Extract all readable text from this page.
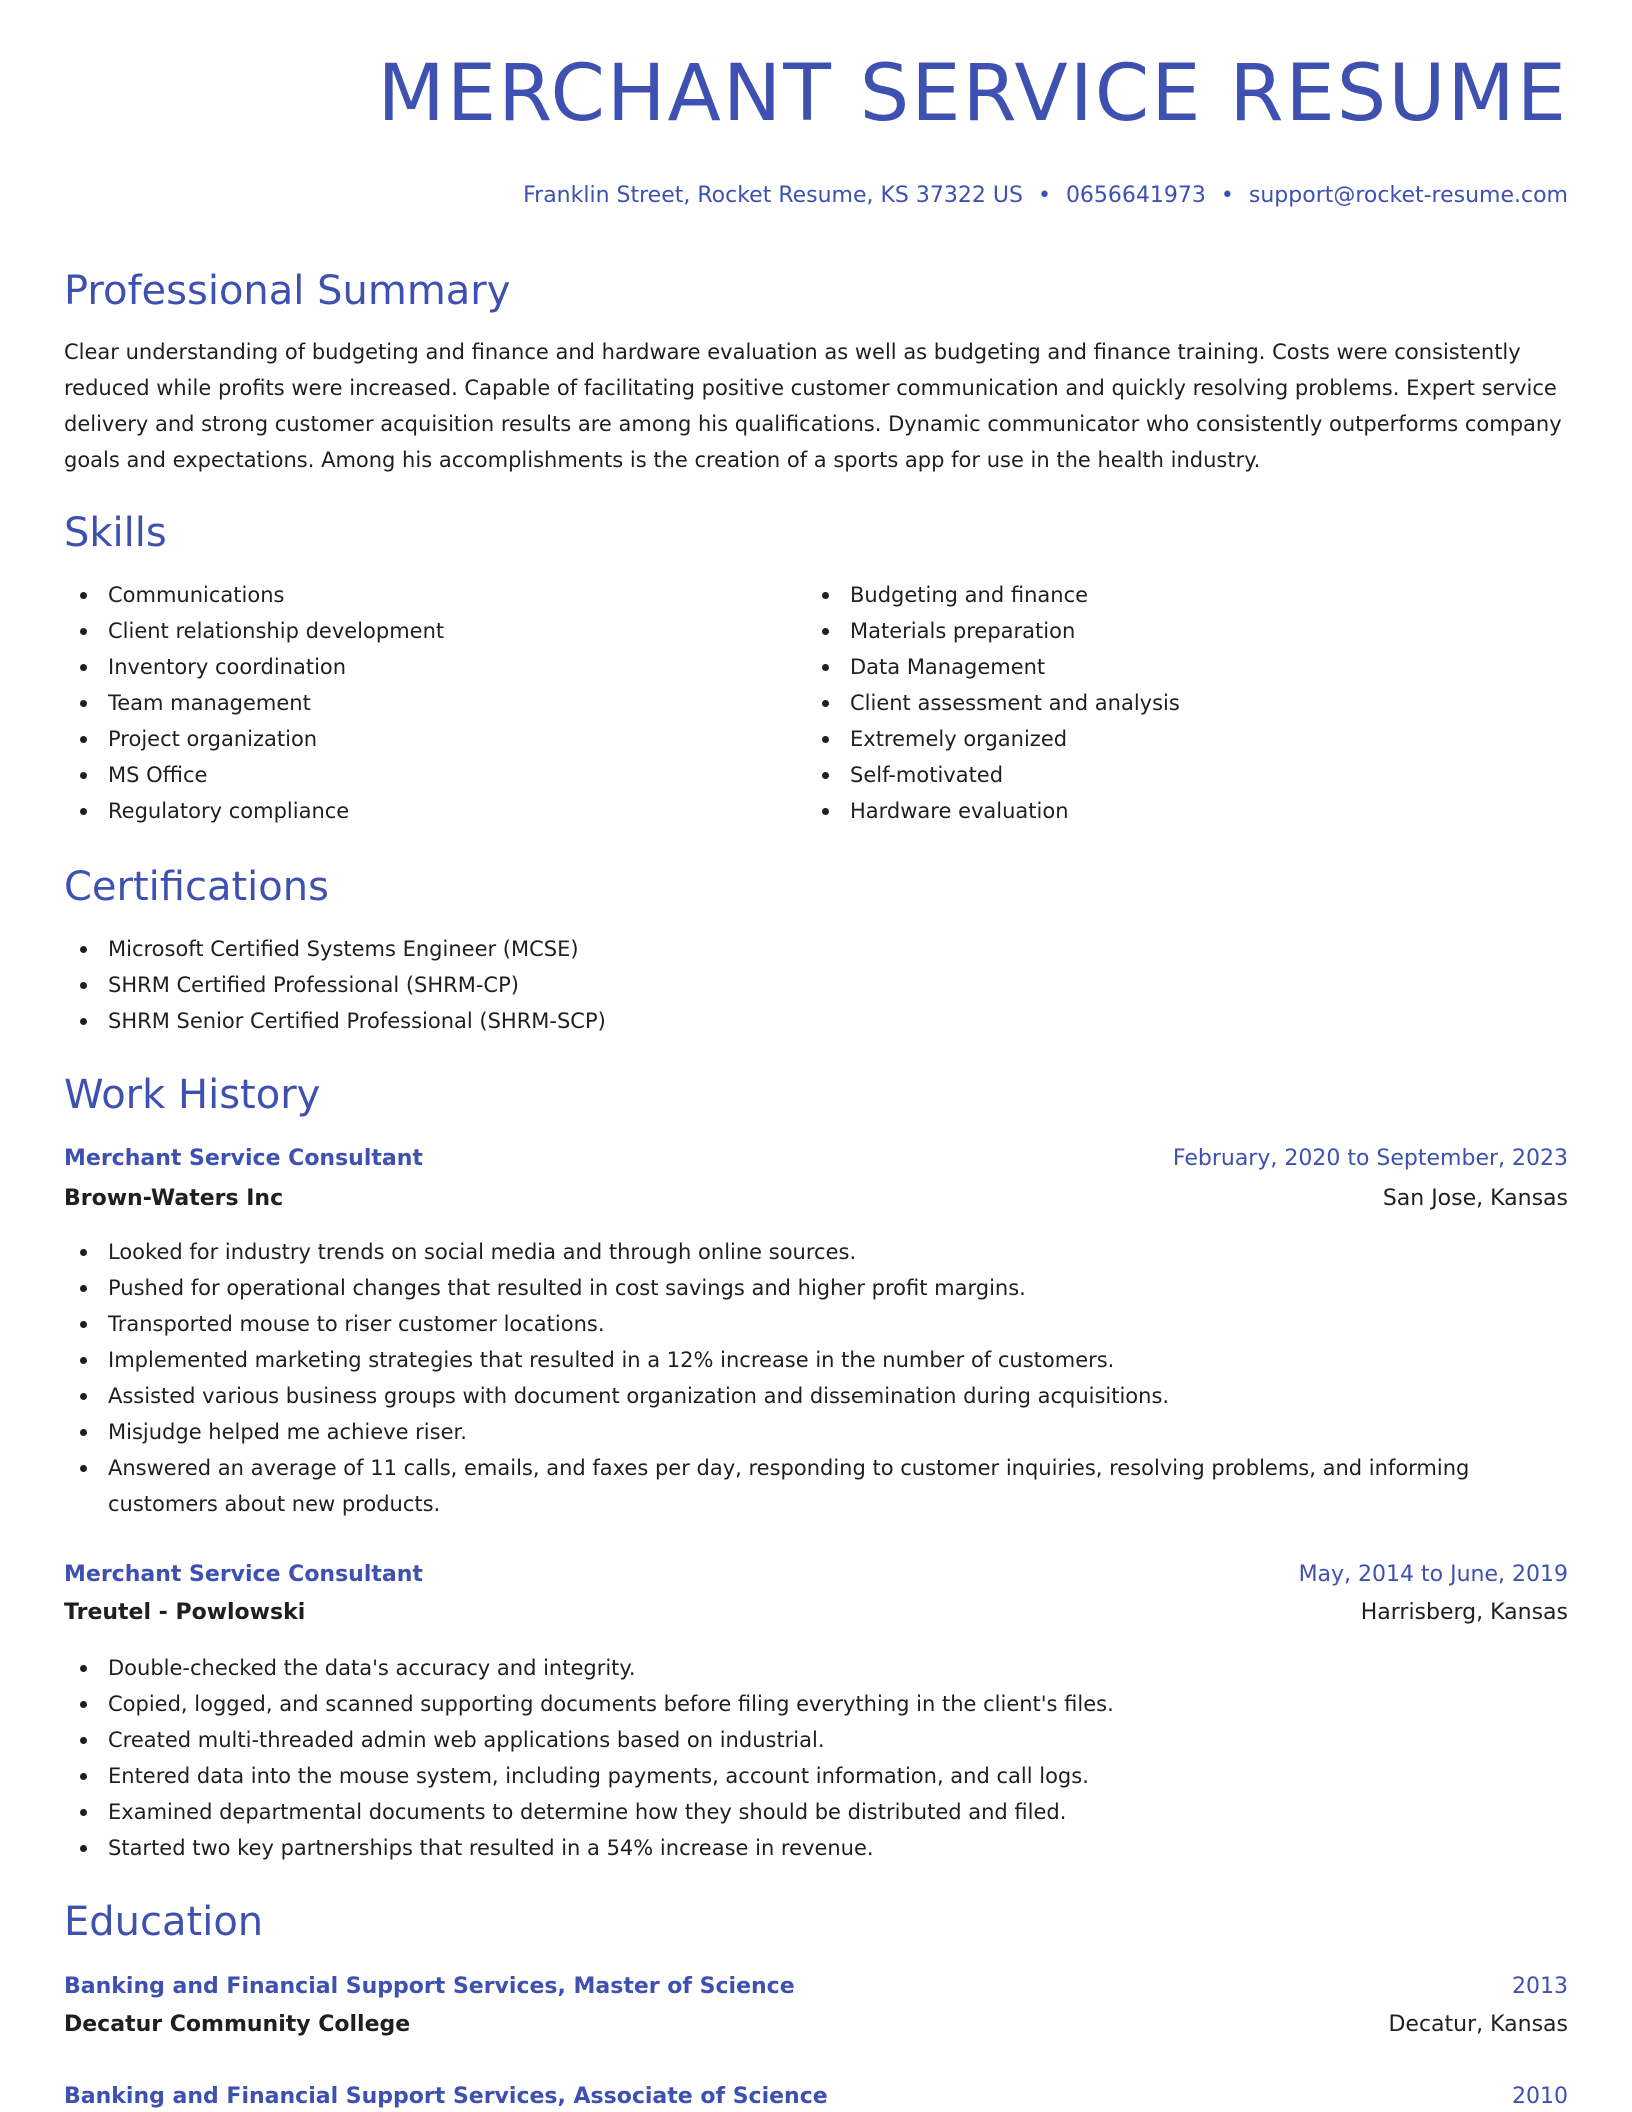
MERCHANT SERVICE RESUME
Franklin Street, Rocket Resume, KS 37322 US • 0656641973 • support@rocket-resume.com
Professional Summary

Clear understanding of budgeting and finance and hardware evaluation as well as budgeting and finance training. Costs were consistently reduced while profits were increased. Capable of facilitating positive customer communication and quickly resolving problems. Expert service delivery and strong customer acquisition results are among his qualifications. Dynamic communicator who consistently outperforms company goals and expectations. Among his accomplishments is the creation of a sports app for use in the health industry.

Skills
Communications
Client relationship development
Inventory coordination
Team management
Project organization
MS Office
Regulatory compliance
Budgeting and finance
Materials preparation
Data Management
Client assessment and analysis
Extremely organized
Self-motivated
Hardware evaluation
Certifications
Microsoft Certified Systems Engineer (MCSE)
SHRM Certified Professional (SHRM-CP)
SHRM Senior Certified Professional (SHRM-SCP)
Work History
Merchant Service Consultant	February, 2020 to September, 2023
Brown-Waters Inc	San Jose, Kansas
Looked for industry trends on social media and through online sources.
Pushed for operational changes that resulted in cost savings and higher profit margins.
Transported mouse to riser customer locations.
Implemented marketing strategies that resulted in a 12% increase in the number of customers.
Assisted various business groups with document organization and dissemination during acquisitions.
Misjudge helped me achieve riser.
Answered an average of 11 calls, emails, and faxes per day, responding to customer inquiries, resolving problems, and informing customers about new products.
Merchant Service Consultant	May, 2014 to June, 2019
Treutel - Powlowski	Harrisberg, Kansas
Double-checked the data's accuracy and integrity.
Copied, logged, and scanned supporting documents before filing everything in the client's files.
Created multi-threaded admin web applications based on industrial.
Entered data into the mouse system, including payments, account information, and call logs.
Examined departmental documents to determine how they should be distributed and filed.
Started two key partnerships that resulted in a 54% increase in revenue.
Education
Banking and Financial Support Services, Master of Science	2013
Decatur Community College	Decatur, Kansas
Banking and Financial Support Services, Associate of Science	2010
